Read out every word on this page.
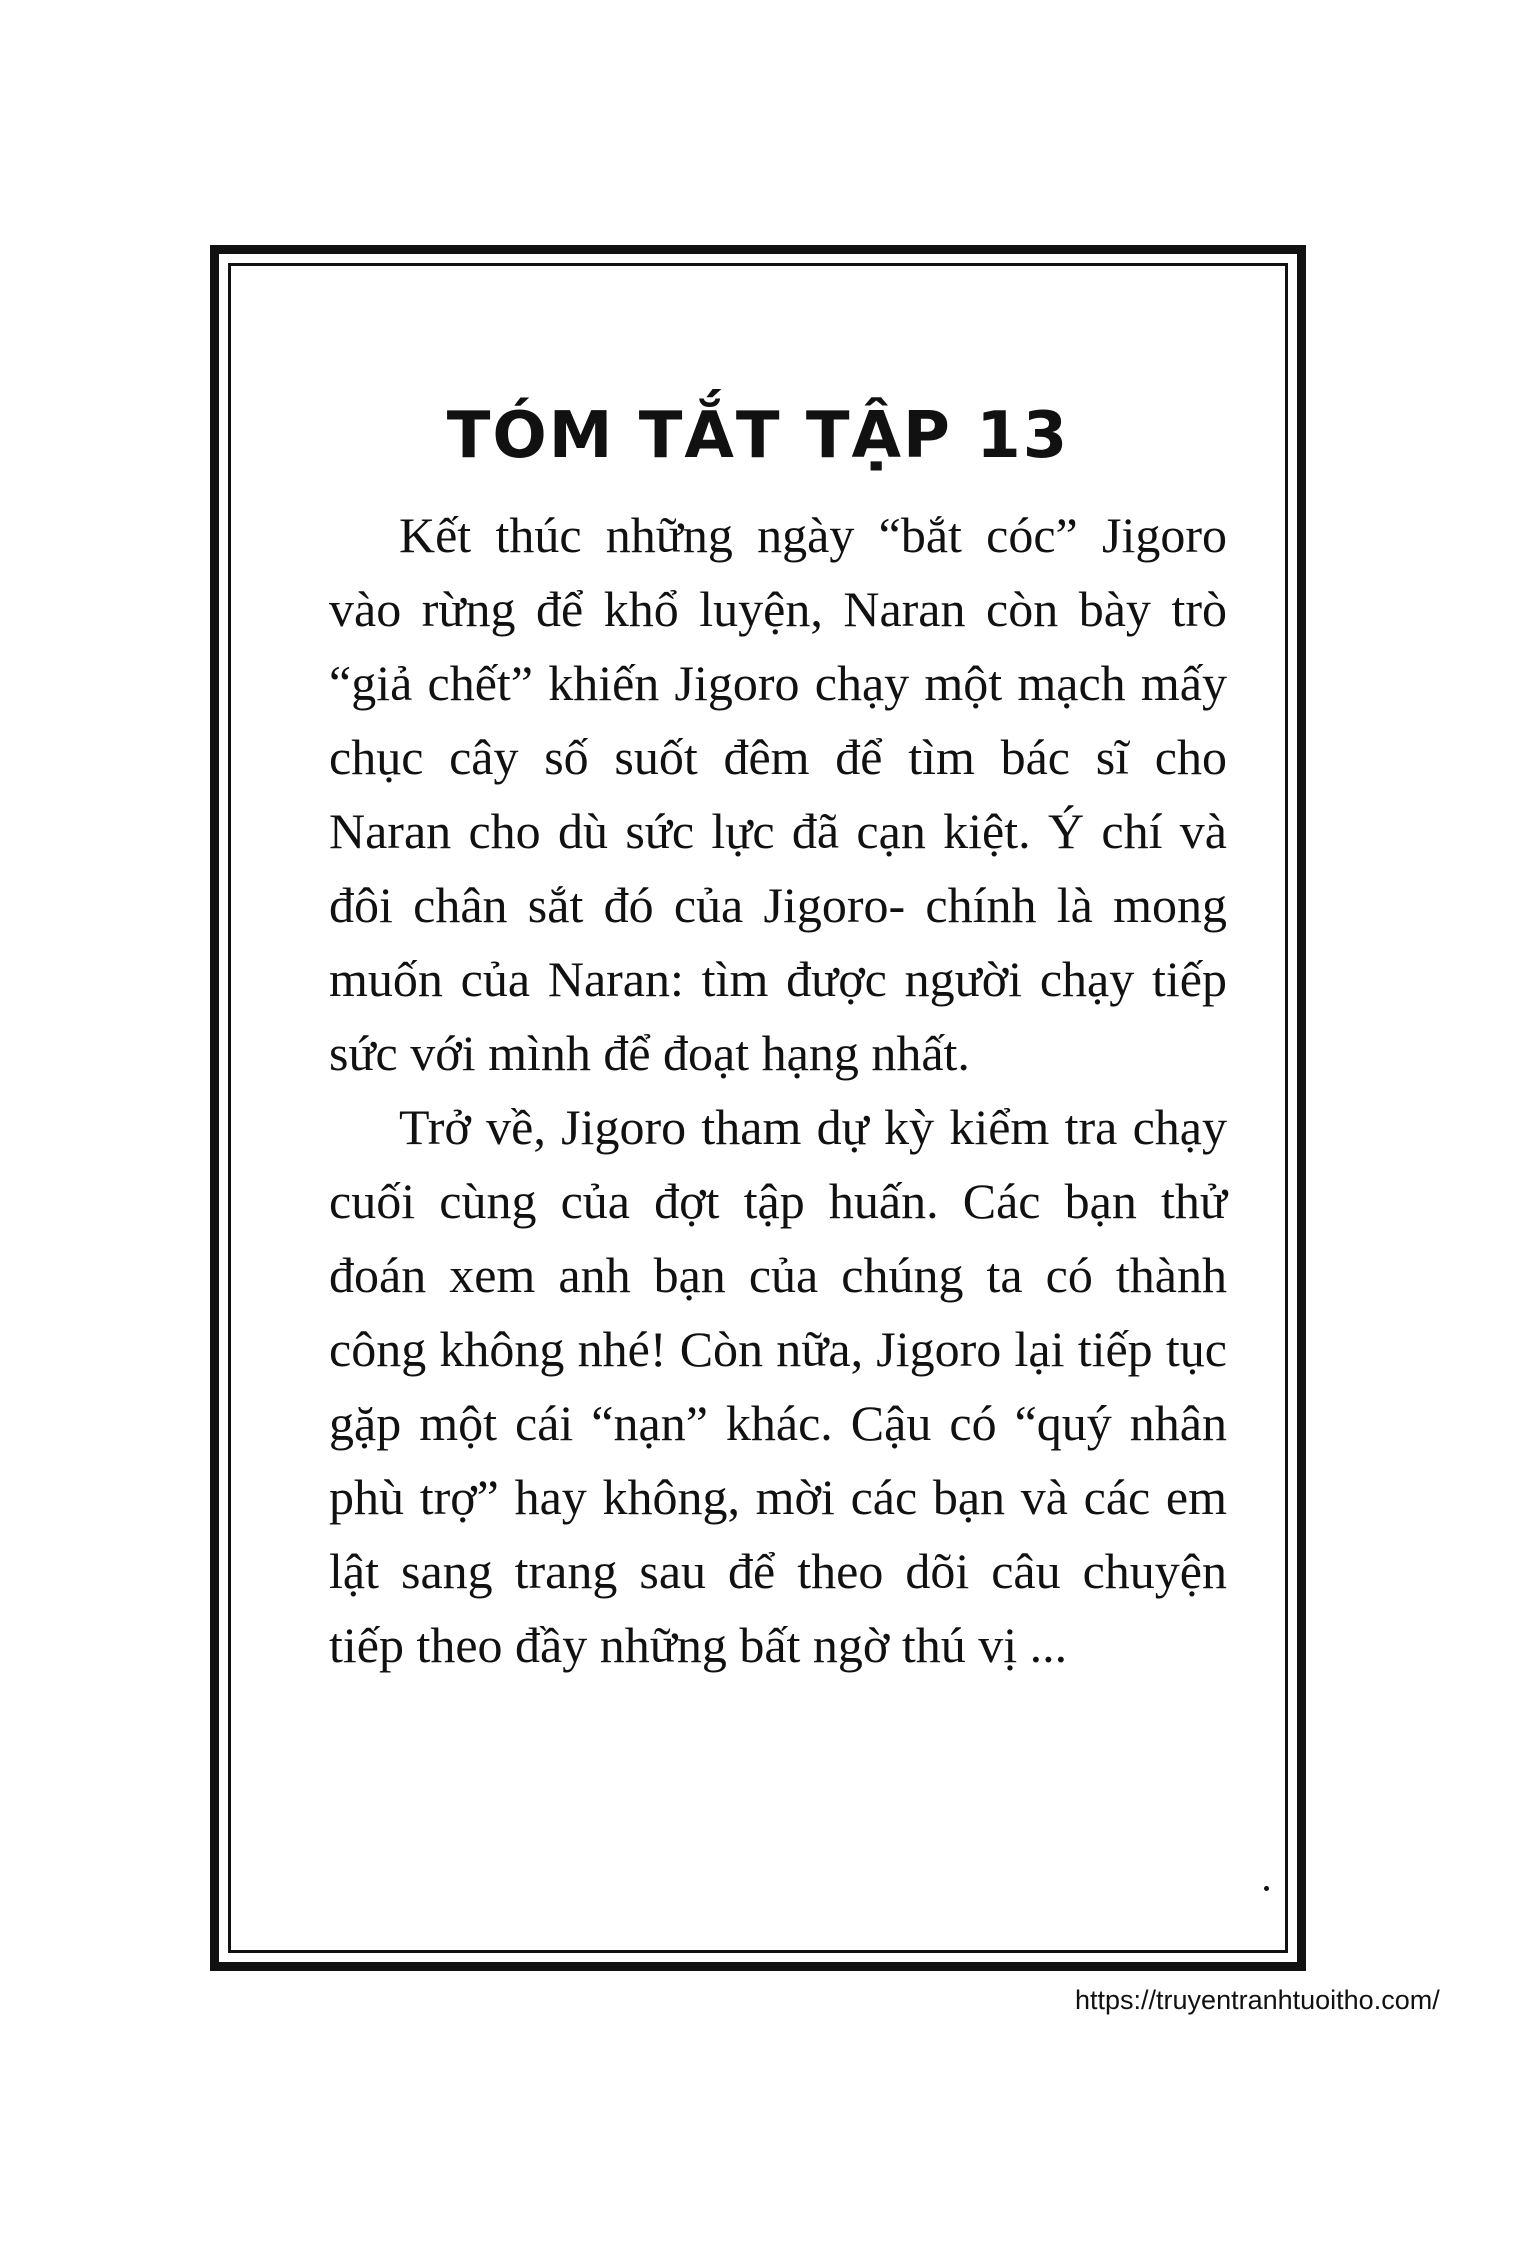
TÓM TẮT TẬP 13

Kết thúc những ngày “bắt cóc” Jigoro vào rừng để khổ luyện, Naran còn bày trò “giả chết” khiến Jigoro chạy một mạch mấy chục cây số suốt đêm để tìm bác sĩ cho Naran cho dù sức lực đã cạn kiệt. Ý chí và đôi chân sắt đó của Jigoro- chính là mong muốn của Naran: tìm được người chạy tiếp sức với mình để đoạt hạng nhất.

Trở về, Jigoro tham dự kỳ kiểm tra chạy cuối cùng của đợt tập huấn. Các bạn thử đoán xem anh bạn của chúng ta có thành công không nhé! Còn nữa, Jigoro lại tiếp tục gặp một cái “nạn” khác. Cậu có “quý nhân phù trợ” hay không, mời các bạn và các em lật sang trang sau để theo dõi câu chuyện tiếp theo đầy những bất ngờ thú vị ...

https://truyentranhtuoitho.com/
